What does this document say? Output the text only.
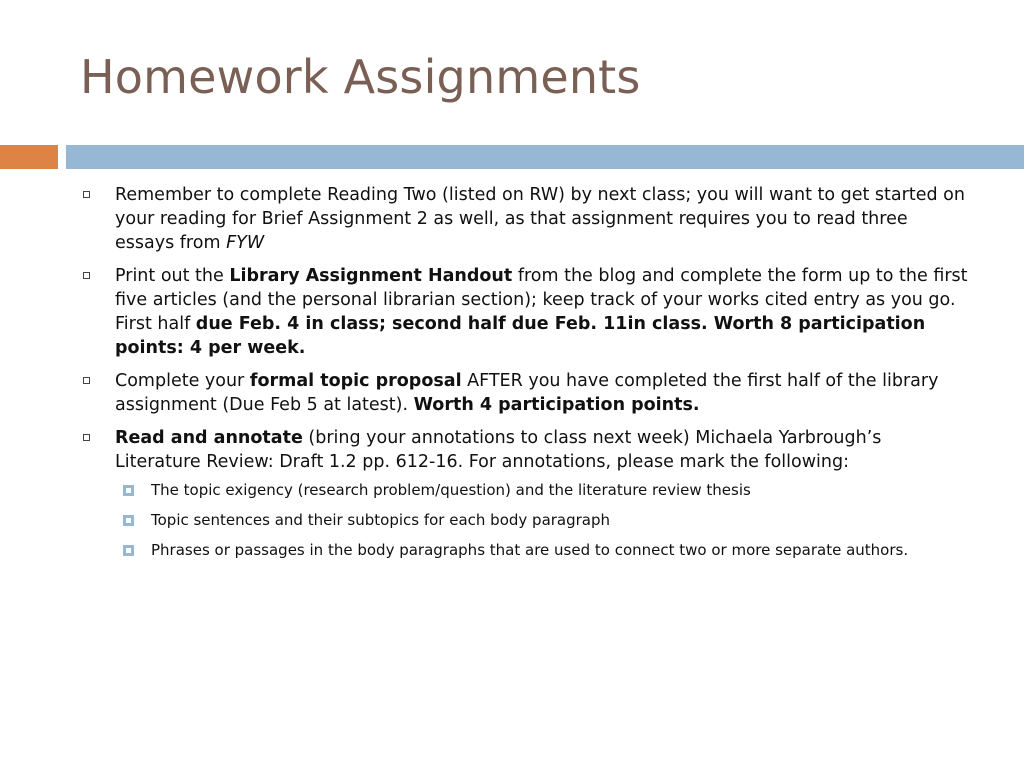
Homework Assignments
Remember to complete Reading Two (listed on RW) by next class; you will want to get started on your reading for Brief Assignment 2 as well, as that assignment requires you to read three essays from FYW
Print out the Library Assignment Handout from the blog and complete the form up to the first five articles (and the personal librarian section); keep track of your works cited entry as you go. First half due Feb. 4 in class; second half due Feb. 11in class. Worth 8 participation points: 4 per week.
Complete your formal topic proposal AFTER you have completed the first half of the library assignment (Due Feb 5 at latest). Worth 4 participation points.
Read and annotate (bring your annotations to class next week) Michaela Yarbrough’s Literature Review: Draft 1.2 pp. 612-16. For annotations, please mark the following:
The topic exigency (research problem/question) and the literature review thesis
Topic sentences and their subtopics for each body paragraph
Phrases or passages in the body paragraphs that are used to connect two or more separate authors.
